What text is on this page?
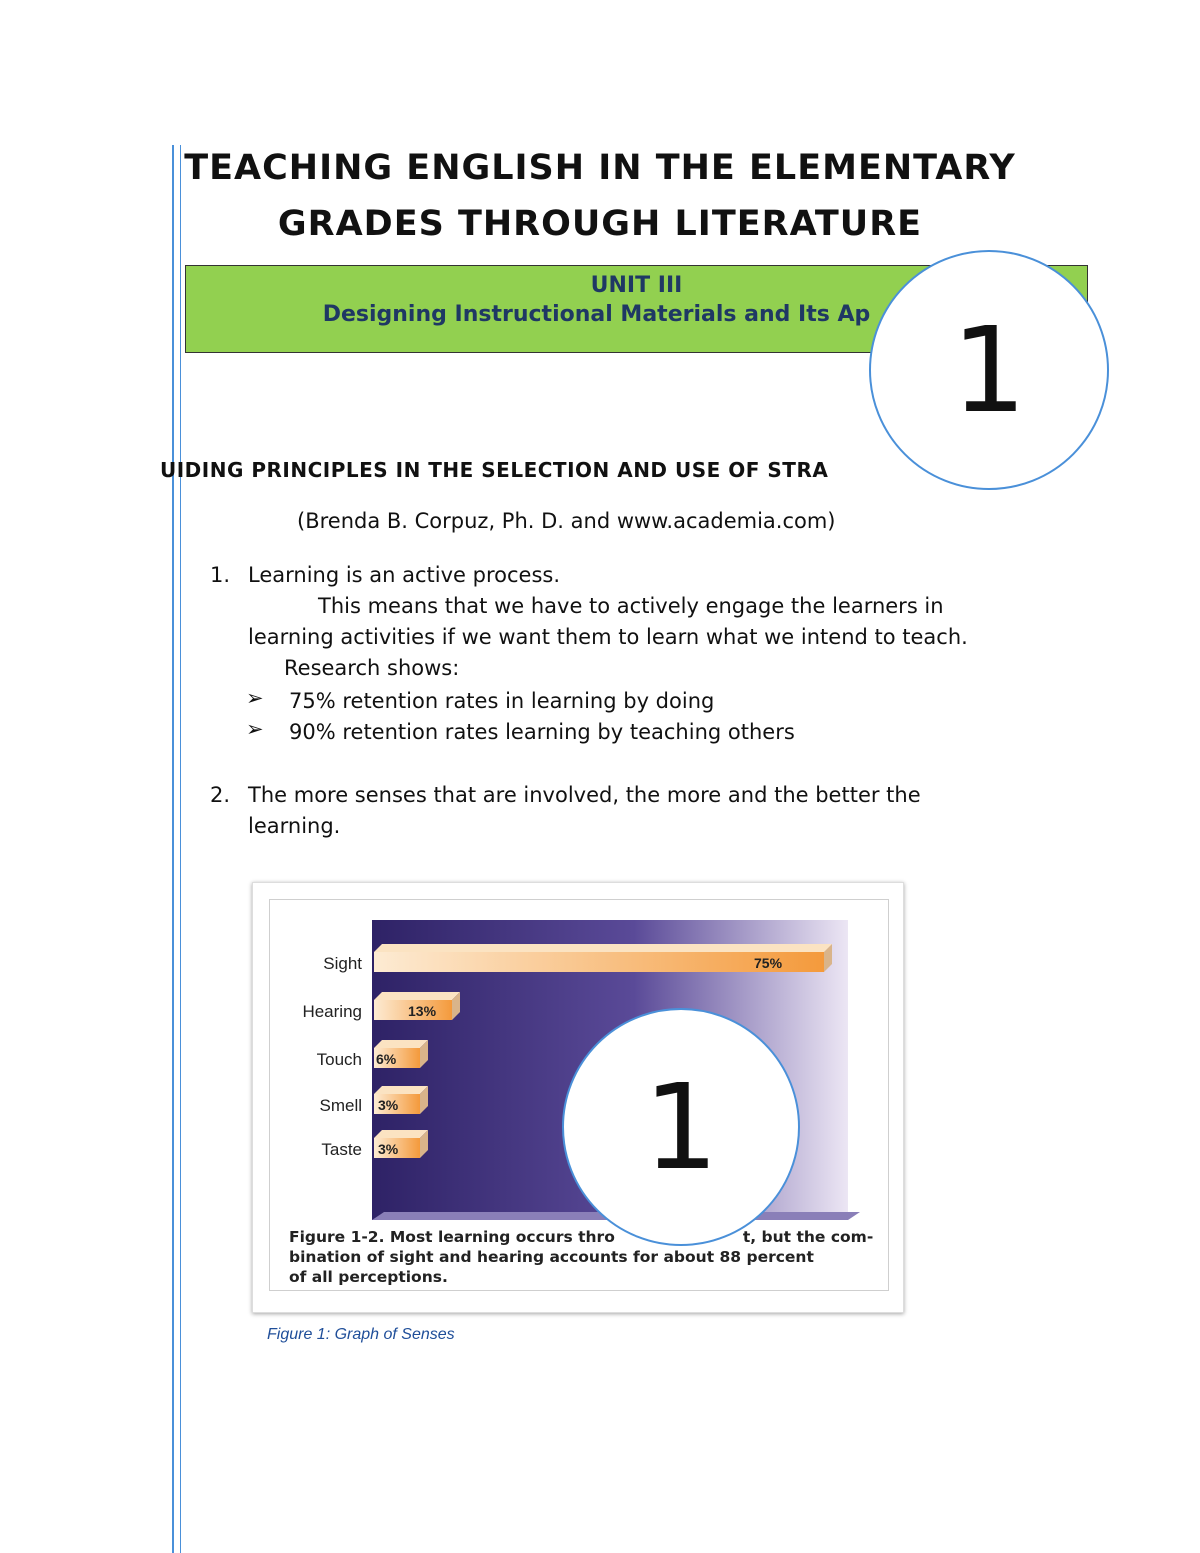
TEACHING ENGLISH IN THE ELEMENTARY
GRADES THROUGH LITERATURE
UNIT III
Designing Instructional Materials and Its Ap 1
UIDING PRINCIPLES IN THE SELECTION AND USE OF STRA
(Brenda B. Corpuz, Ph. D. and www.academia.com)
1. Learning is an active process.
This means that we have to actively engage the learners in
learning activities if we want them to learn what we intend to teach.
Research shows:
➢ 75% retention rates in learning by doing
➢ 90% retention rates learning by teaching others
2. The more senses that are involved, the more and the better the
learning.
75%
13%
6%
3%
3%
Sight
Hearing
Touch
Smell
Taste
Figure 1-2. Most learning occurs thro	t, but the com-
bination of sight and hearing accounts for about 88 percent
of all perceptions.
1
Figure 1: Graph of Senses
